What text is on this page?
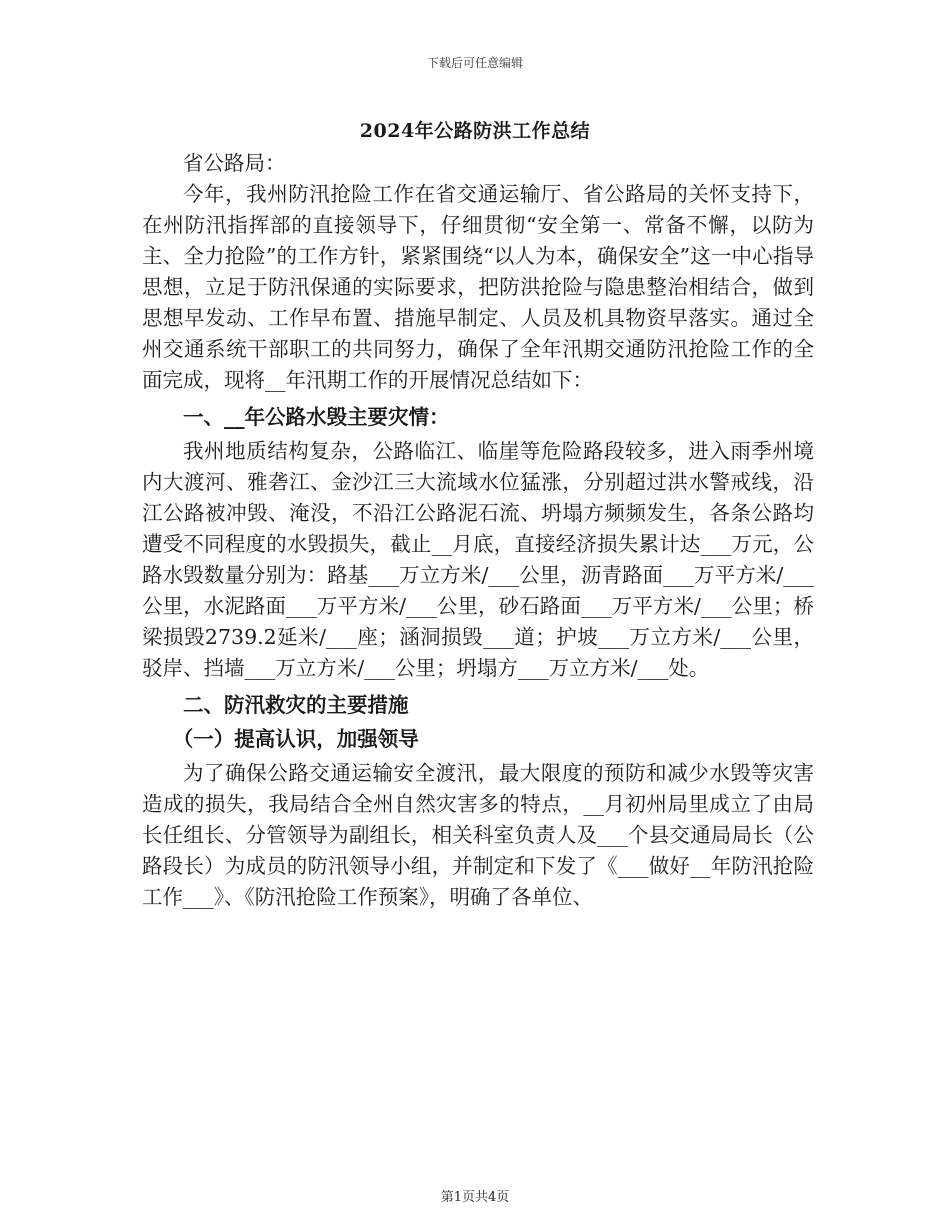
下载后可任意编辑
2024年公路防洪工作总结

省公路局：

今年，我州防汛抢险工作在省交通运输厅、省公路局的关怀支持下，在州防汛指挥部的直接领导下，仔细贯彻“安全第一、常备不懈，以防为主、全力抢险”的工作方针，紧紧围绕“以人为本，确保安全”这一中心指导思想，立足于防汛保通的实际要求，把防洪抢险与隐患整治相结合，做到思想早发动、工作早布置、措施早制定、人员及机具物资早落实。通过全州交通系统干部职工的共同努力，确保了全年汛期交通防汛抢险工作的全面完成，现将__年汛期工作的开展情况总结如下：

一、__年公路水毁主要灾情：

我州地质结构复杂，公路临江、临崖等危险路段较多，进入雨季州境内大渡河、雅砻江、金沙江三大流域水位猛涨，分别超过洪水警戒线，沿江公路被冲毁、淹没，不沿江公路泥石流、坍塌方频频发生，各条公路均遭受不同程度的水毁损失，截止__月底，直接经济损失累计达___万元，公路水毁数量分别为：路基___万立方米/___公里，沥青路面___万平方米/___公里，水泥路面___万平方米/___公里，砂石路面___万平方米/___公里；桥梁损毁2739.2延米/___座；涵洞损毁___道；护坡___万立方米/___公里，驳岸、挡墙___万立方米/___公里；坍塌方___万立方米/___处。

二、防汛救灾的主要措施

（一）提高认识，加强领导

为了确保公路交通运输安全渡汛，最大限度的预防和减少水毁等灾害造成的损失，我局结合全州自然灾害多的特点，__月初州局里成立了由局长任组长、分管领导为副组长，相关科室负责人及___个县交通局局长（公路段长）为成员的防汛领导小组，并制定和下发了《___做好__年防汛抢险工作___》、《防汛抢险工作预案》，明确了各单位、

第1页共4页
